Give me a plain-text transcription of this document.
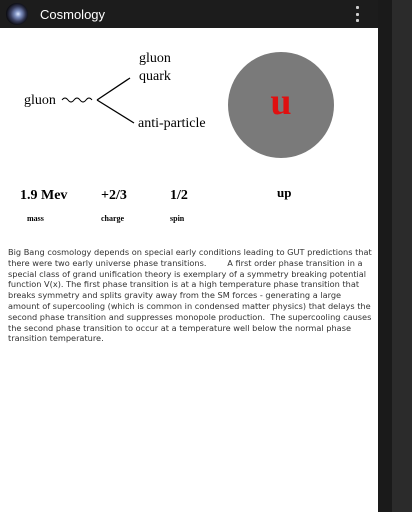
Cosmology
gluon
quark
gluon
anti-particle
u
1.9 Mev
mass
+2/3
charge
1/2
spin
up
Big Bang cosmology depends on special early conditions leading to GUT predictions that there were two early universe phase transitions.        A first order phase transition in a special class of grand unification theory is exemplary of a symmetry breaking potential function V(x). The first phase transition is at a high temperature phase transition that breaks symmetry and splits gravity away from the SM forces - generating a large amount of supercooling (which is common in condensed matter physics) that delays the second phase transition and suppresses monopole production.  The supercooling causes the second phase transition to occur at a temperature well below the normal phase transition temperature.
